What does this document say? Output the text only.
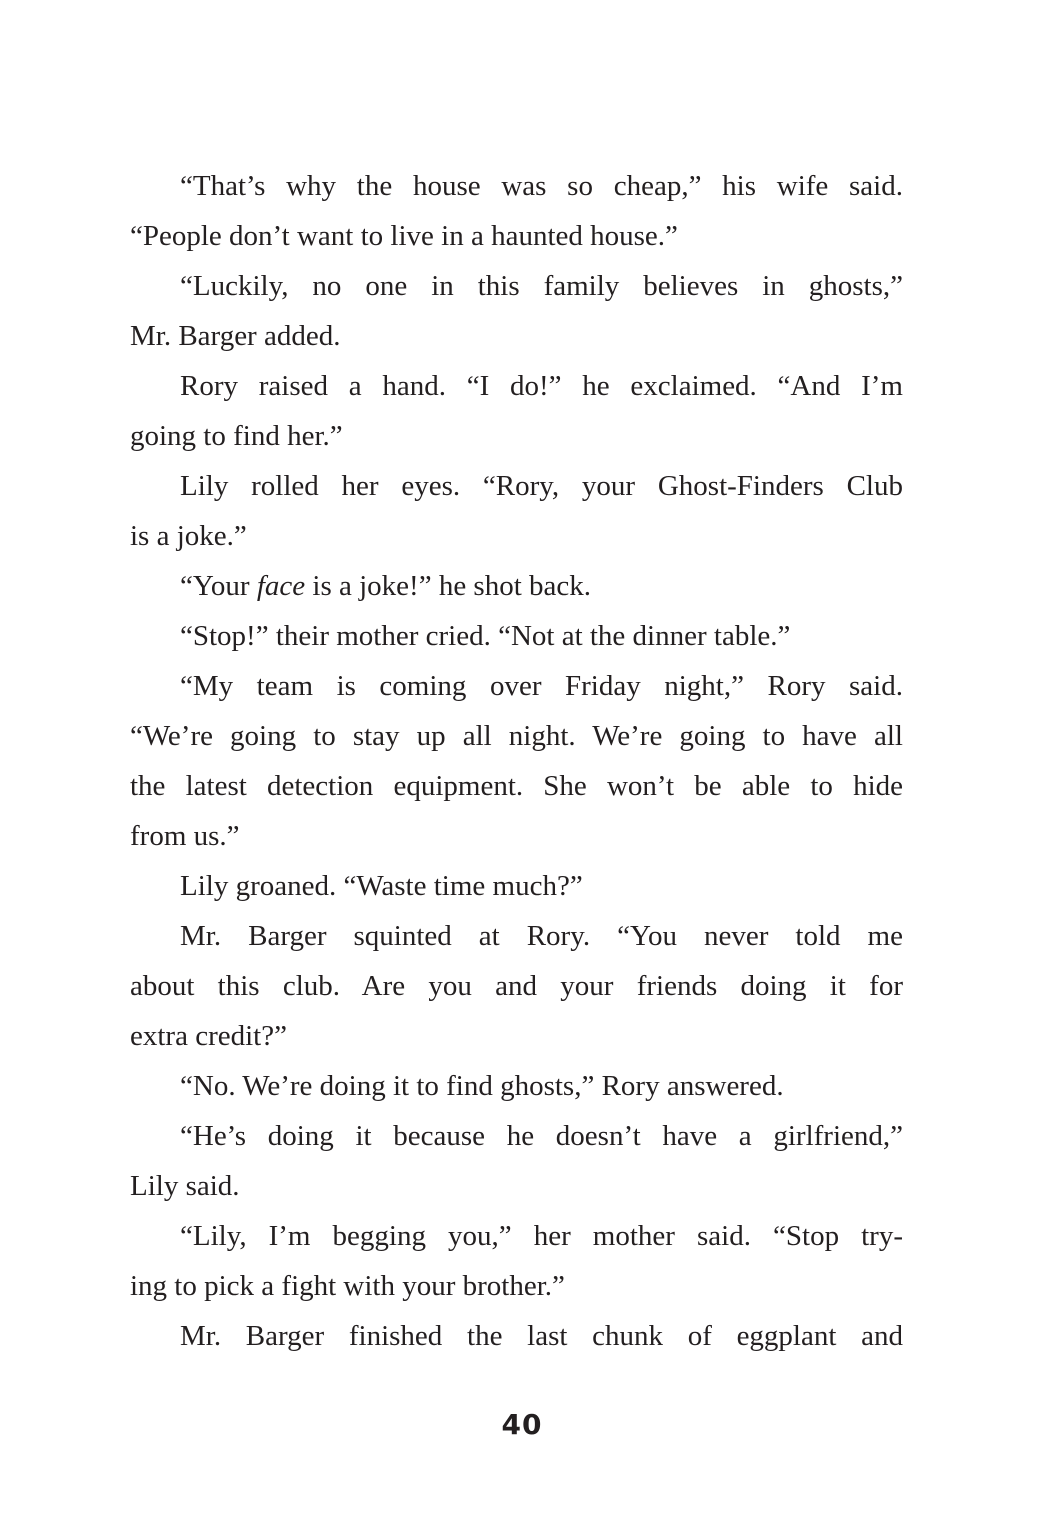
“That’s why the house was so cheap,” his wife said.
“People don’t want to live in a haunted house.”
“Luckily, no one in this family believes in ghosts,”
Mr. Barger added.
Rory raised a hand. “I do!” he exclaimed. “And I’m
going to find her.”
Lily rolled her eyes. “Rory, your Ghost-Finders Club
is a joke.”
“Your face is a joke!” he shot back.
“Stop!” their mother cried. “Not at the dinner table.”
“My team is coming over Friday night,” Rory said.
“We’re going to stay up all night. We’re going to have all
the latest detection equipment. She won’t be able to hide
from us.”
Lily groaned. “Waste time much?”
Mr. Barger squinted at Rory. “You never told me
about this club. Are you and your friends doing it for
extra credit?”
“No. We’re doing it to find ghosts,” Rory answered.
“He’s doing it because he doesn’t have a girlfriend,”
Lily said.
“Lily, I’m begging you,” her mother said. “Stop try-
ing to pick a fight with your brother.”
Mr. Barger finished the last chunk of eggplant and
40
